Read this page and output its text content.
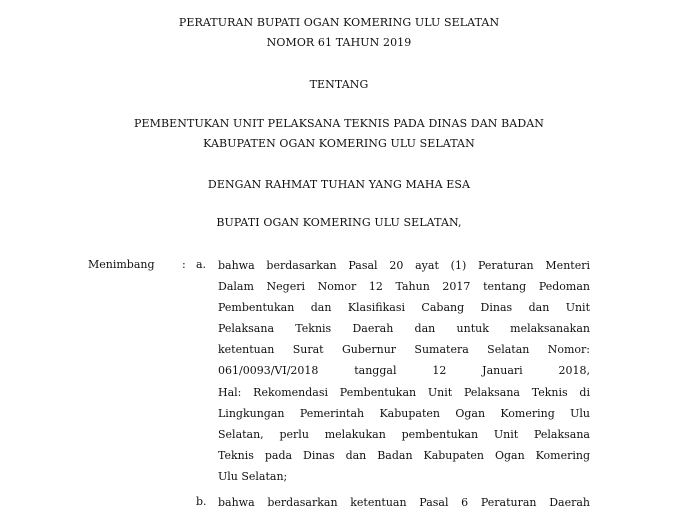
PERATURAN BUPATI OGAN KOMERING ULU SELATAN
NOMOR 61 TAHUN 2019
TENTANG
PEMBENTUKAN UNIT PELAKSANA TEKNIS PADA DINAS DAN BADAN
KABUPATEN OGAN KOMERING ULU SELATAN
DENGAN RAHMAT TUHAN YANG MAHA ESA
BUPATI OGAN KOMERING ULU SELATAN,
Menimbang : a. bahwa berdasarkan Pasal 20 ayat (1) Peraturan Menteri
Dalam Negeri Nomor 12 Tahun 2017 tentang Pedoman
Pembentukan dan Klasifikasi Cabang Dinas dan Unit
Pelaksana Teknis Daerah dan untuk melaksanakan
ketentuan Surat Gubernur Sumatera Selatan Nomor:
061/0093/VI/2018 tanggal 12 Januari 2018,
Hal: Rekomendasi Pembentukan Unit Pelaksana Teknis di
Lingkungan Pemerintah Kabupaten Ogan Komering Ulu
Selatan, perlu melakukan pembentukan Unit Pelaksana
Teknis pada Dinas dan Badan Kabupaten Ogan Komering
Ulu Selatan;
b. bahwa berdasarkan ketentuan Pasal 6 Peraturan Daerah
